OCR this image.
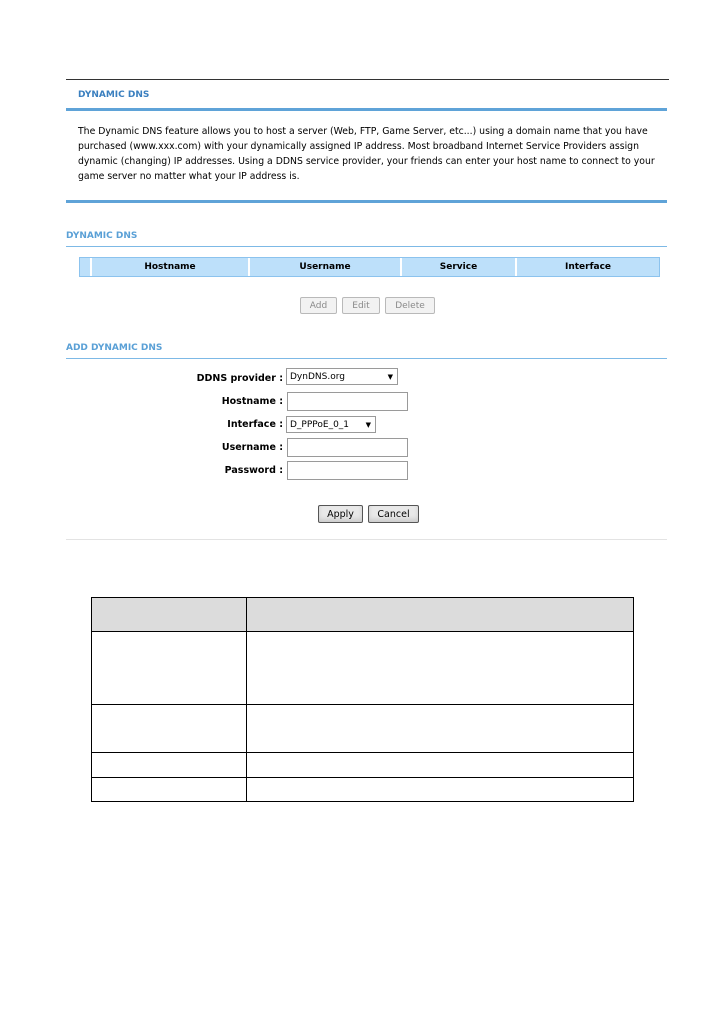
DYNAMIC DNS

The Dynamic DNS feature allows you to host a server (Web, FTP, Game Server, etc...) using a domain name that you have purchased (www.xxx.com) with your dynamically assigned IP address. Most broadband Internet Service Providers assign dynamic (changing) IP addresses. Using a DDNS service provider, your friends can enter your host name to connect to your game server no matter what your IP address is.

DYNAMIC DNS
Hostname	Username	Service	Interface
Add	Edit	Delete
ADD DYNAMIC DNS
DDNS provider : DynDNS.org	▼
Hostname :
Interface : D_PPPoE_0_1 ▼
Username :
Password :
Apply	Cancel
